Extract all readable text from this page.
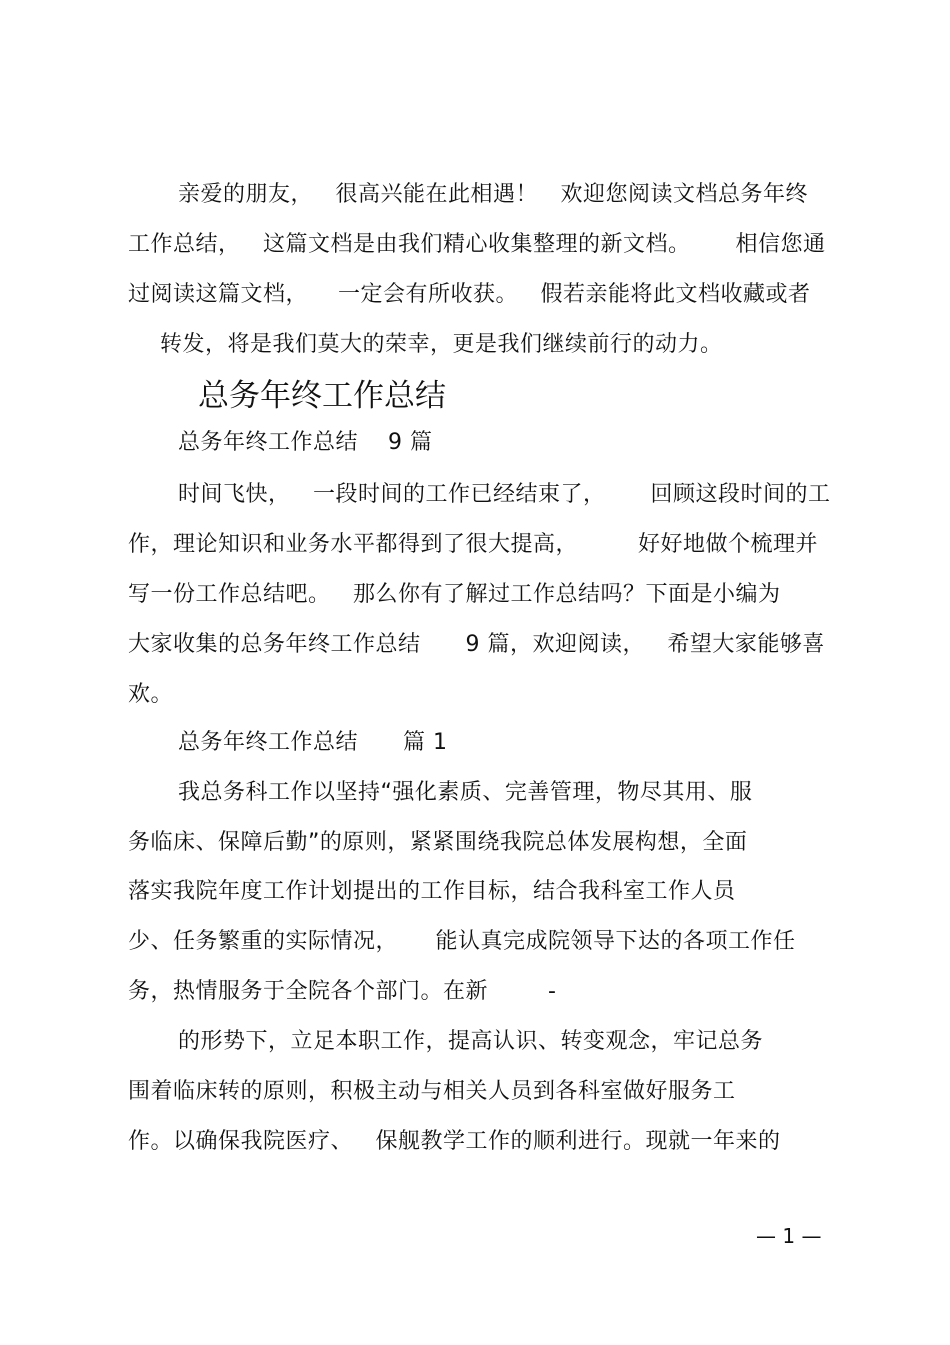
亲爱的朋友，   很高兴能在此相遇！   欢迎您阅读文档总务年终
工作总结，   这篇文档是由我们精心收集整理的新文档。      相信您通
过阅读这篇文档，    一定会有所收获。   假若亲能将此文档收藏或者
转发，将是我们莫大的荣幸，更是我们继续前行的动力。
总务年终工作总结
总务年终工作总结    9 篇
时间飞快，   一段时间的工作已经结束了，      回顾这段时间的工
作，理论知识和业务水平都得到了很大提高，        好好地做个梳理并
写一份工作总结吧。   那么你有了解过工作总结吗？下面是小编为
大家收集的总务年终工作总结      9 篇，欢迎阅读，   希望大家能够喜
欢。
总务年终工作总结      篇 1
我总务科工作以坚持“强化素质、完善管理，物尽其用、服
务临床、保障后勤”的原则，紧紧围绕我院总体发展构想，全面
落实我院年度工作计划提出的工作目标，结合我科室工作人员
少、任务繁重的实际情况，     能认真完成院领导下达的各项工作任
务，热情服务于全院各个部门。在新        -
的形势下，立足本职工作，提高认识、转变观念，牢记总务
围着临床转的原则，积极主动与相关人员到各科室做好服务工
作。以确保我院医疗、   保舰教学工作的顺利进行。现就一年来的
— 1 —
